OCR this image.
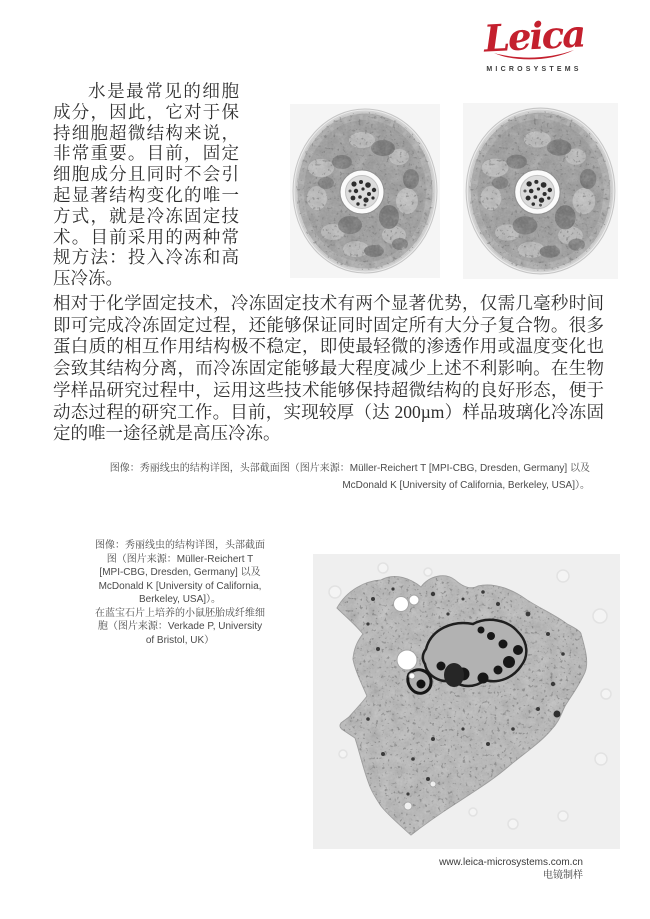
Leica
MICROSYSTEMS
水是最常见的细胞
成分，因此，它对于保
持细胞超微结构来说，
非常重要。目前，固定
细胞成分且同时不会引
起显著结构变化的唯一
方式，就是冷冻固定技
术。目前采用的两种常
规方法：投入冷冻和高
压冷冻。
相对于化学固定技术，冷冻固定技术有两个显著优势，仅需几毫秒时间
即可完成冷冻固定过程，还能够保证同时固定所有大分子复合物。很多
蛋白质的相互作用结构极不稳定，即使最轻微的渗透作用或温度变化也
会致其结构分离，而冷冻固定能够最大程度减少上述不利影响。在生物
学样品研究过程中，运用这些技术能够保持超微结构的良好形态，便于
动态过程的研究工作。目前，实现较厚（达 200µm）样品玻璃化冷冻固
定的唯一途径就是高压冷冻。
图像：秀丽线虫的结构详图，头部截面图（图片来源：Müller-Reichert T [MPI-CBG, Dresden, Germany] 以及
McDonald K [University of California, Berkeley, USA]）。
图像：秀丽线虫的结构详图，头部截面
图（图片来源：Müller-Reichert T
[MPI-CBG, Dresden, Germany] 以及
McDonald K [University of California,
Berkeley, USA]）。
在蓝宝石片上培养的小鼠胚胎成纤维细
胞（图片来源：Verkade P, University
of Bristol, UK）
www.leica-microsystems.com.cn
电镜制样
